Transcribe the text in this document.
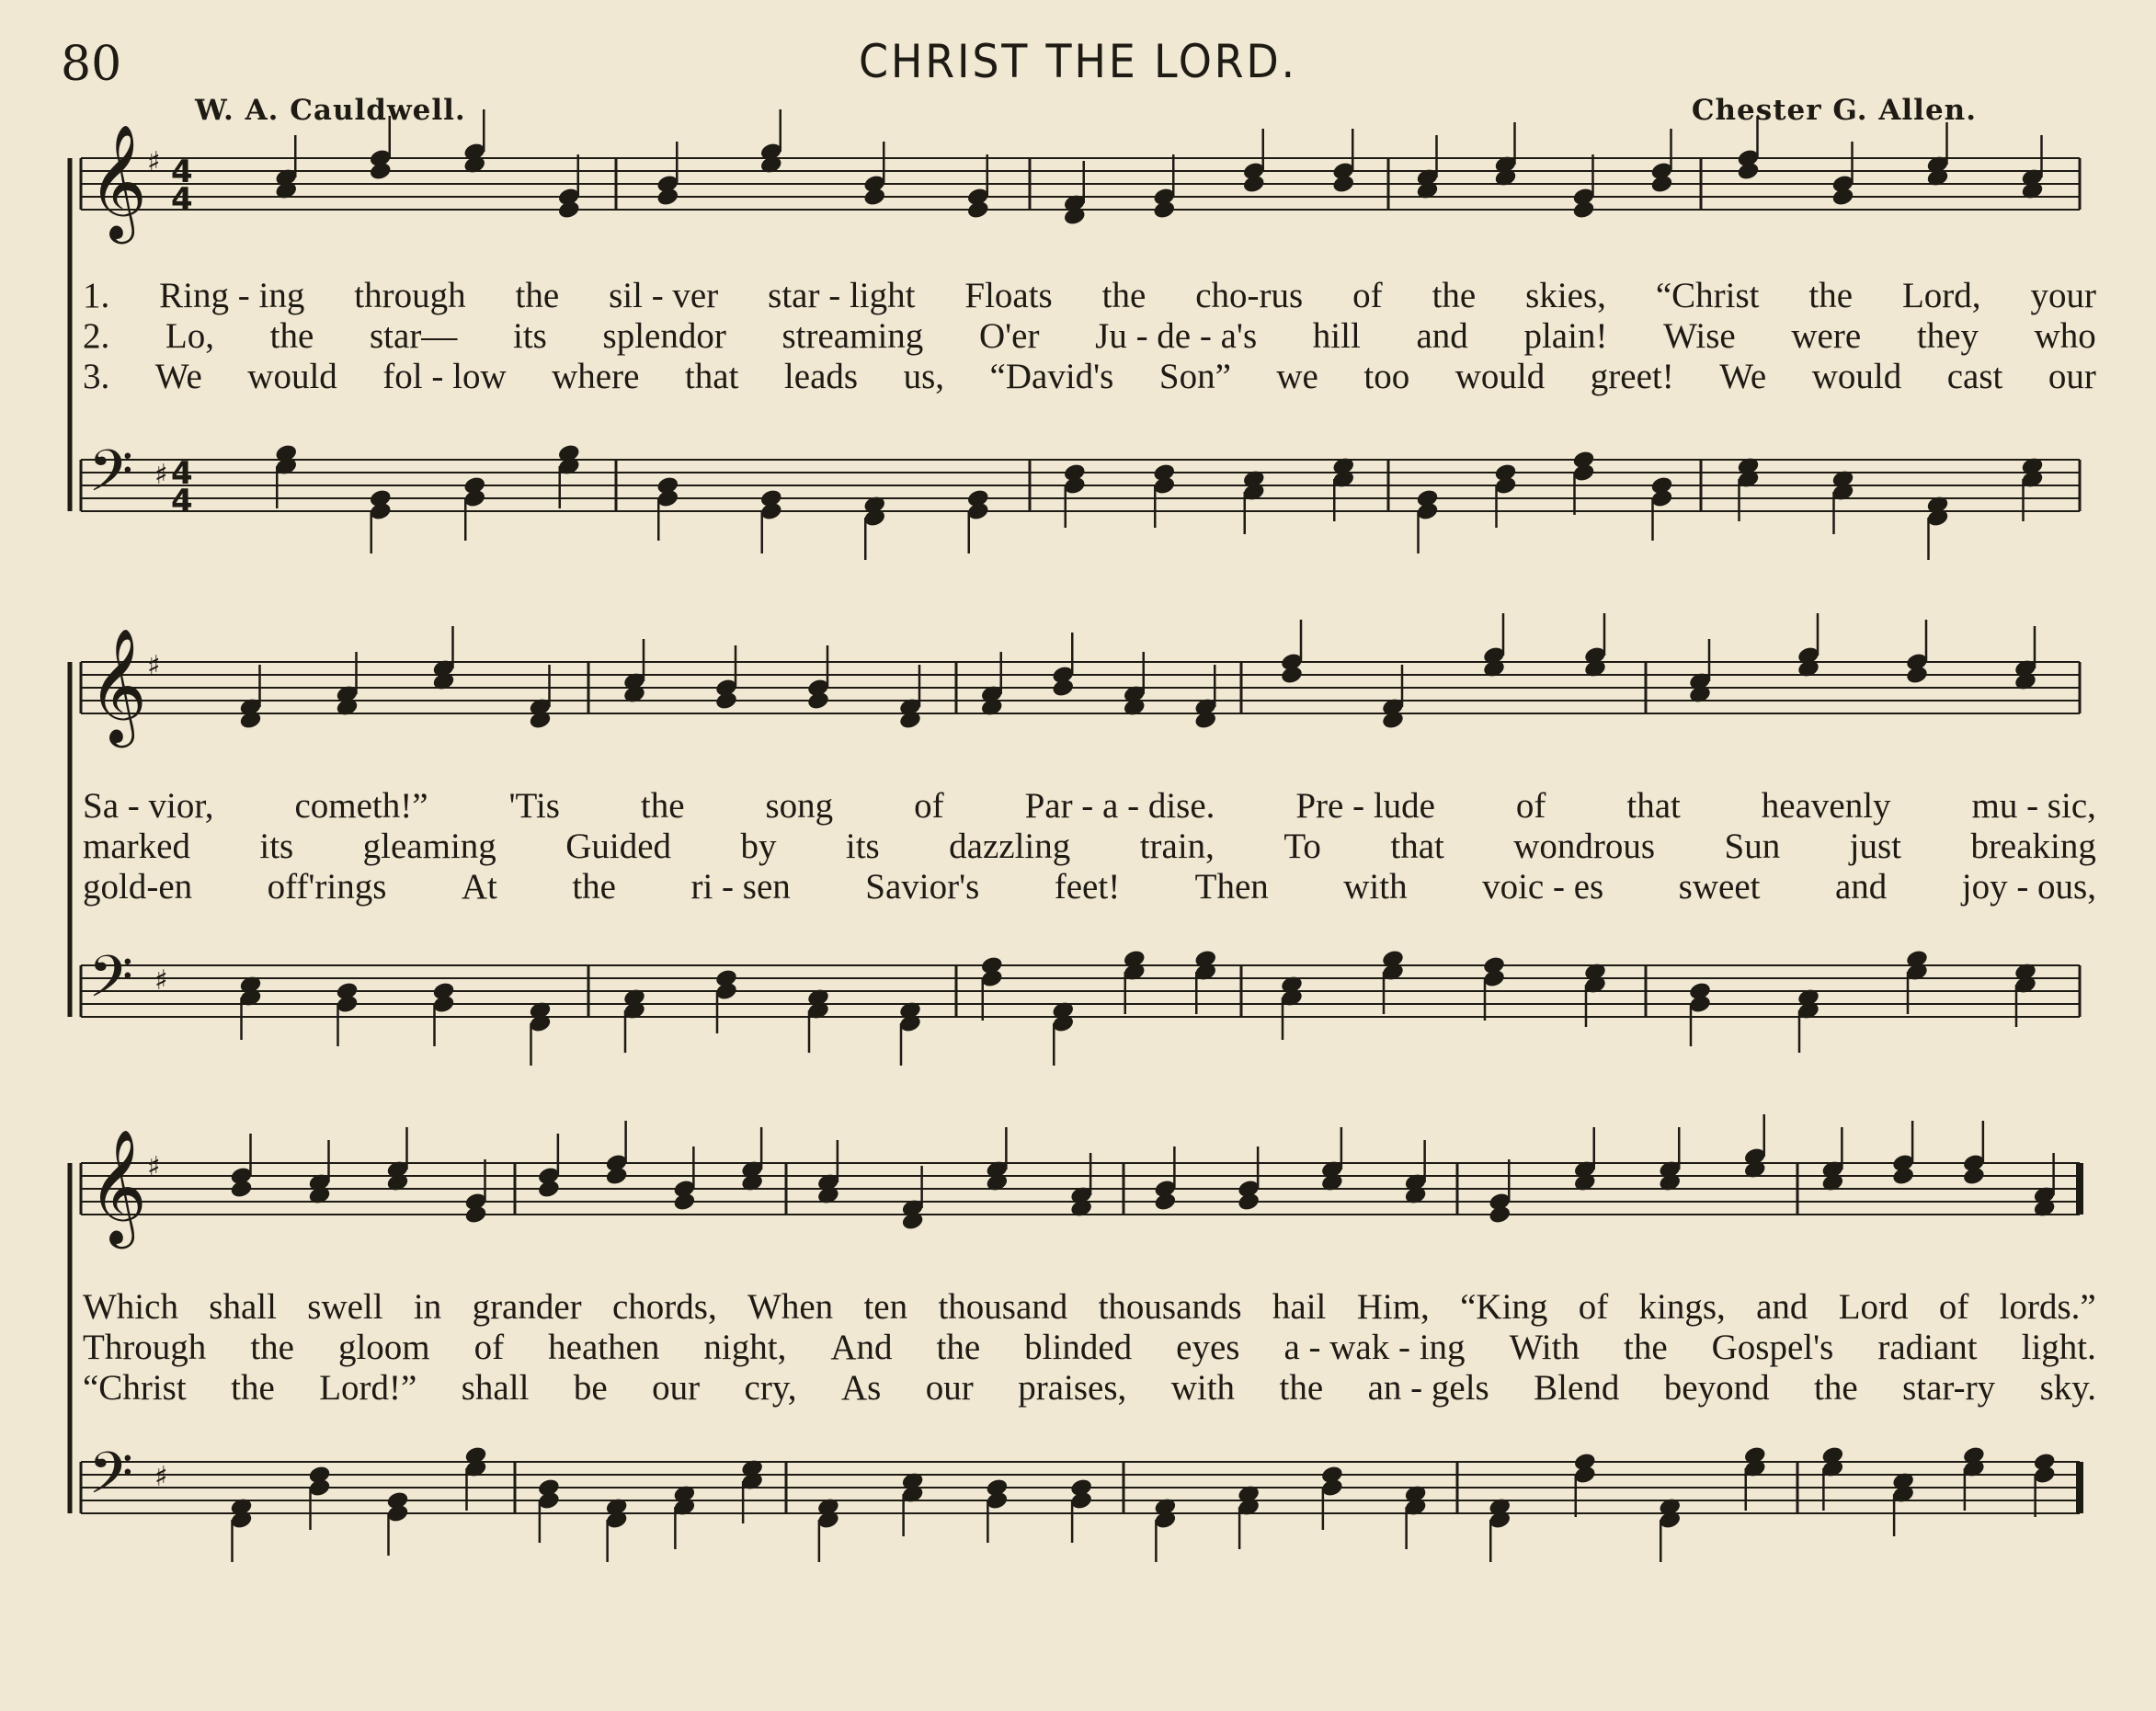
80	CHRIST THE LORD.
W. A. Cauldwell.	Chester G. Allen.
𝄞 ♯ 4
4
𝄢 ♯ 4
4
𝄞 ♯
𝄢 ♯
𝄞 ♯
𝄢 ♯
1. Ring - ing through the sil - ver star - light Floats the cho-rus of the skies, “Christ the Lord, your
2. Lo, the star— its splendor streaming O'er Ju - de - a's hill and plain! Wise were they who
3. We would fol - low where that leads us, “David's Son” we too would greet! We would cast our
Sa - vior, cometh!” 'Tis the song of Par - a - dise. Pre - lude of that heavenly mu - sic,
marked its gleaming Guided by its dazzling train, To that wondrous Sun just breaking
gold-en off'rings At the ri - sen Savior's feet! Then with voic - es sweet and joy - ous,
Which shall swell in grander chords, When ten thousand thousands hail Him, “King of kings, and Lord of lords.”
Through the gloom of heathen night, And the blinded eyes a - wak - ing With the Gospel's radiant light.
“Christ the Lord!” shall be our cry, As our praises, with the an - gels Blend beyond the star-ry sky.
